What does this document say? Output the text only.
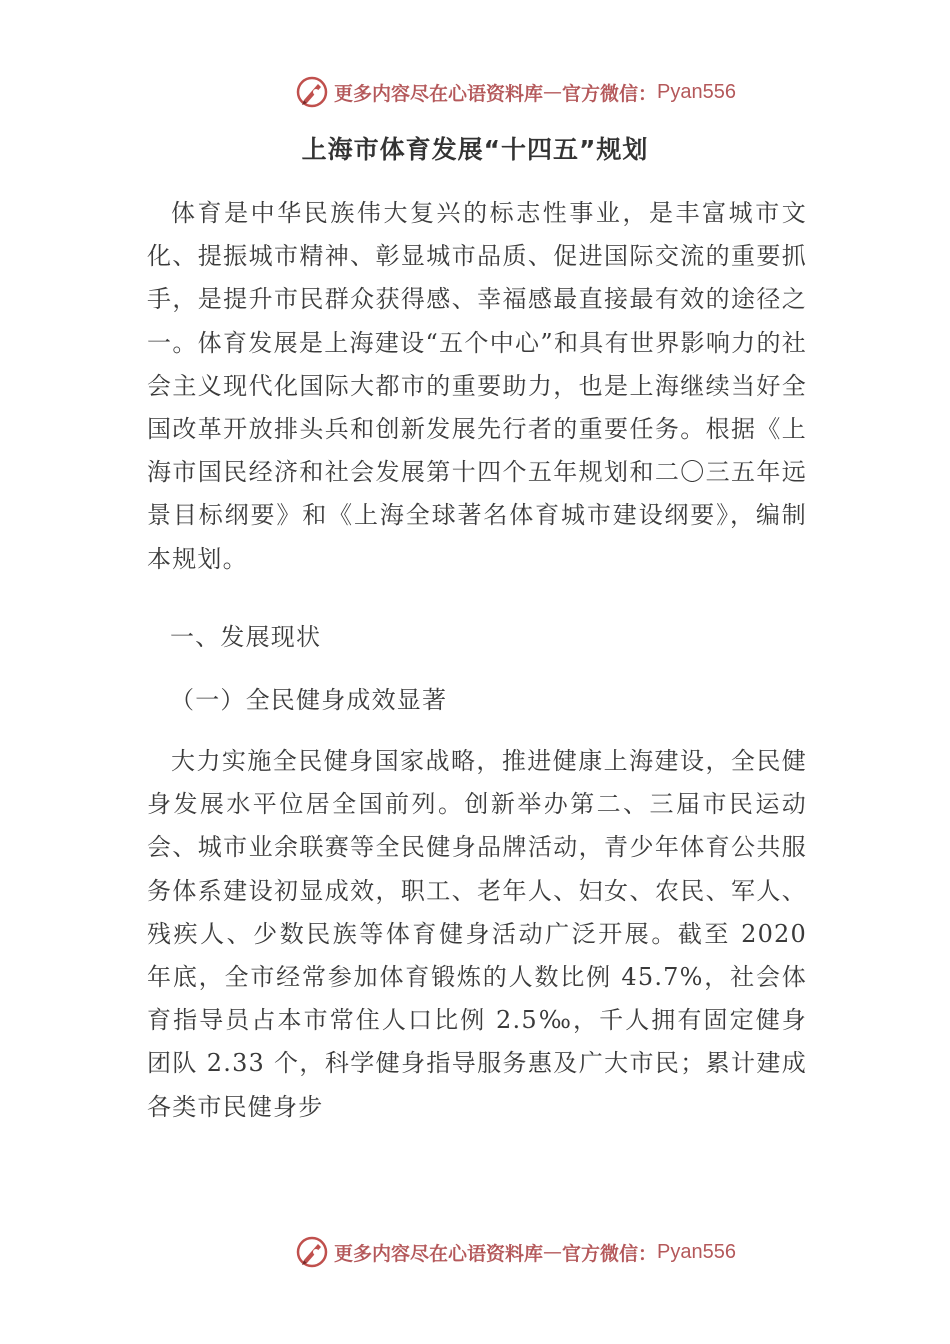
更多内容尽在心语资料库 — 官方微信： Pyan556
上海市体育发展“十四五”规划
体育是中华民族伟大复兴的标志性事业，是丰富城市文化、提振城市精神、彰显城市品质、促进国际交流的重要抓手，是提升市民群众获得感、幸福感最直接最有效的途径之一。体育发展是上海建设“五个中心”和具有世界影响力的社会主义现代化国际大都市的重要助力，也是上海继续当好全国改革开放排头兵和创新发展先行者的重要任务。根据《上海市国民经济和社会发展第十四个五年规划和二〇三五年远景目标纲要》和《上海全球著名体育城市建设纲要》，编制本规划。
一、发展现状
（一）全民健身成效显著
大力实施全民健身国家战略，推进健康上海建设，全民健身发展水平位居全国前列。创新举办第二、三届市民运动会、城市业余联赛等全民健身品牌活动，青少年体育公共服务体系建设初显成效，职工、老年人、妇女、农民、军人、残疾人、少数民族等体育健身活动广泛开展。截至 2020 年底，全市经常参加体育锻炼的人数比例 45.7%，社会体育指导员占本市常住人口比例 2.5‰，千人拥有固定健身团队 2.33 个，科学健身指导服务惠及广大市民；累计建成各类市民健身步
更多内容尽在心语资料库 — 官方微信： Pyan556
